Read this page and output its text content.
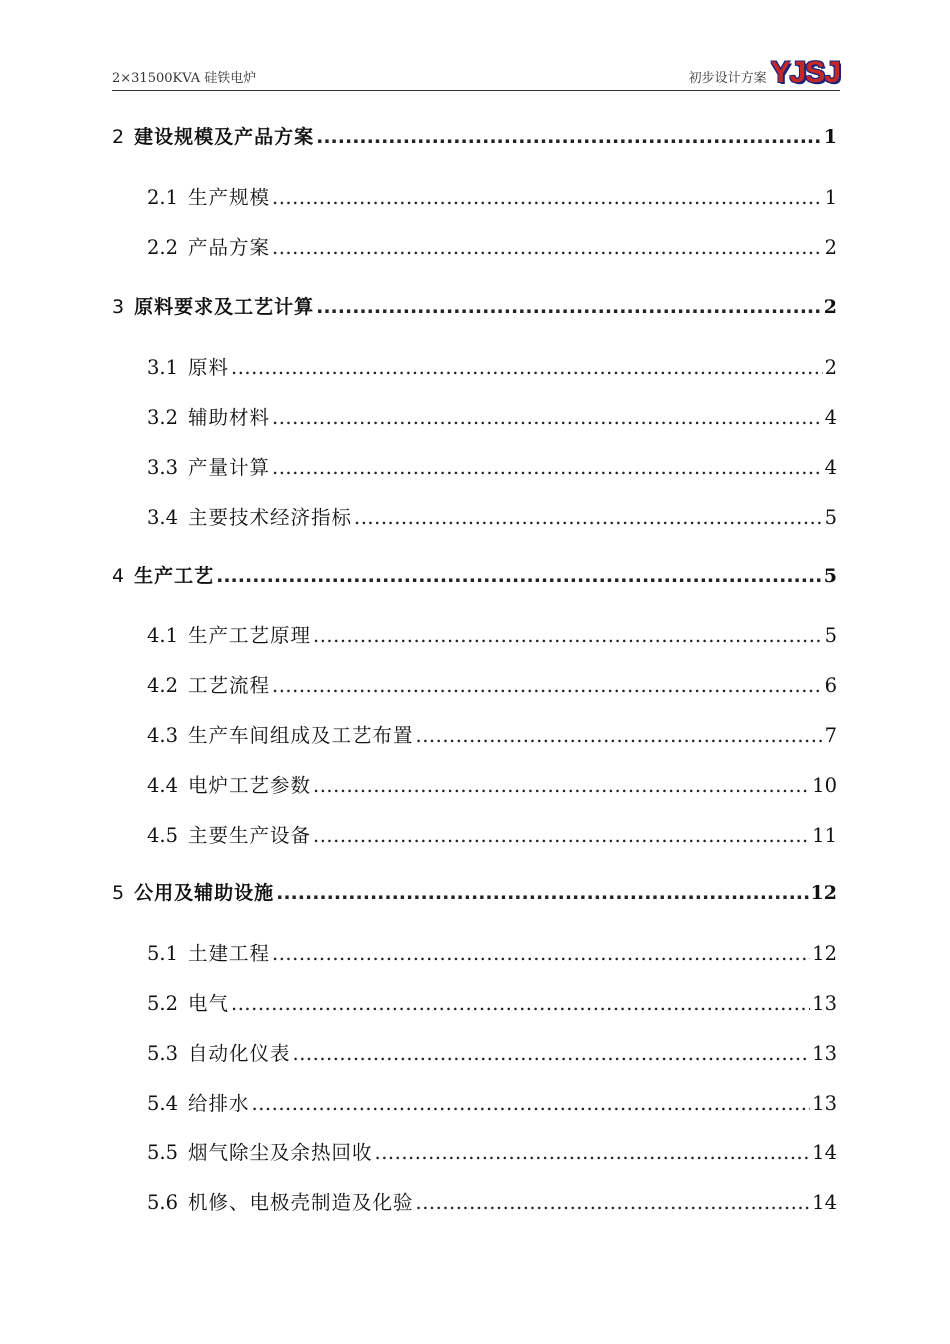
2×31500KVA 硅铁电炉	初步设计方案 YJSJ
2 建设规模及产品方案 .....	1
2.1 生产规模 .....	1
2.2 产品方案 .....	2
3 原料要求及工艺计算 .....	2
3.1 原料 .....	2
3.2 辅助材料 .....	4
3.3 产量计算 .....	4
3.4 主要技术经济指标 .....	5
4 生产工艺 .....	5
4.1 生产工艺原理 .....	5
4.2 工艺流程 .....	6
4.3 生产车间组成及工艺布置 .....	7
4.4 电炉工艺参数 .....	10
4.5 主要生产设备 .....	11
5 公用及辅助设施 .....	12
5.1 土建工程 .....	12
5.2 电气 .....	13
5.3 自动化仪表 .....	13
5.4 给排水 .....	13
5.5 烟气除尘及余热回收 .....	14
5.6 机修、电极壳制造及化验 .....	14
